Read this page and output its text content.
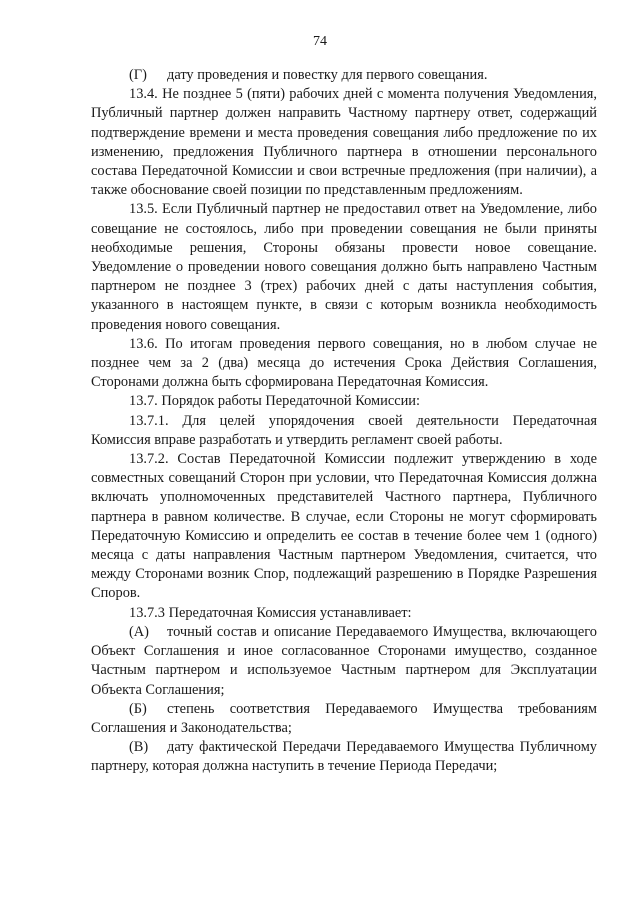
74

(Г) дату проведения и повестку для первого совещания.

13.4. Не позднее 5 (пяти) рабочих дней с момента получения Уведомления, Публичный партнер должен направить Частному партнеру ответ, содержащий подтверждение времени и места проведения совещания либо предложение по их изменению, предложения Публичного партнера в отношении персонального состава Передаточной Комиссии и свои встречные предложения (при наличии), а также обоснование своей позиции по представленным предложениям.

13.5. Если Публичный партнер не предоставил ответ на Уведомление, либо совещание не состоялось, либо при проведении совещания не были приняты необходимые решения, Стороны обязаны провести новое совещание. Уведомление о проведении нового совещания должно быть направлено Частным партнером не позднее 3 (трех) рабочих дней с даты наступления события, указанного в настоящем пункте, в связи с которым возникла необходимость проведения нового совещания.

13.6. По итогам проведения первого совещания, но в любом случае не позднее чем за 2 (два) месяца до истечения Срока Действия Соглашения, Сторонами должна быть сформирована Передаточная Комиссия.

13.7. Порядок работы Передаточной Комиссии:

13.7.1. Для целей упорядочения своей деятельности Передаточная Комиссия вправе разработать и утвердить регламент своей работы.

13.7.2. Состав Передаточной Комиссии подлежит утверждению в ходе совместных совещаний Сторон при условии, что Передаточная Комиссия должна включать уполномоченных представителей Частного партнера, Публичного партнера в равном количестве. В случае, если Стороны не могут сформировать Передаточную Комиссию и определить ее состав в течение более чем 1 (одного) месяца с даты направления Частным партнером Уведомления, считается, что между Сторонами возник Спор, подлежащий разрешению в Порядке Разрешения Споров.

13.7.3 Передаточная Комиссия устанавливает:

(А) точный состав и описание Передаваемого Имущества, включающего Объект Соглашения и иное согласованное Сторонами имущество, созданное Частным партнером и используемое Частным партнером для Эксплуатации Объекта Соглашения;

(Б) степень соответствия Передаваемого Имущества требованиям Соглашения и Законодательства;

(В) дату фактической Передачи Передаваемого Имущества Публичному партнеру, которая должна наступить в течение Периода Передачи;
